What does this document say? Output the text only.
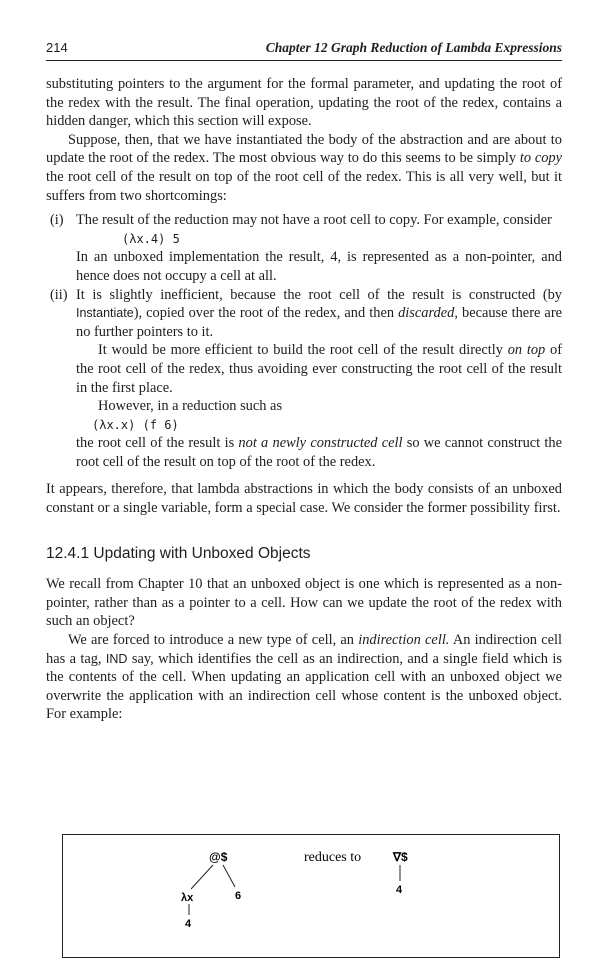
214	Chapter 12 Graph Reduction of Lambda Expressions

substituting pointers to the argument for the formal parameter, and updating the root of the redex with the result. The final operation, updating the root of the redex, contains a hidden danger, which this section will expose.

Suppose, then, that we have instantiated the body of the abstraction and are about to update the root of the redex. The most obvious way to do this seems to be simply to copy the root cell of the result on top of the root cell of the redex. This is all very well, but it suffers from two shortcomings:

(i) The result of the reduction may not have a root cell to copy. For example, consider

(λx.4) 5

In an unboxed implementation the result, 4, is represented as a non-pointer, and hence does not occupy a cell at all.

(ii) It is slightly inefficient, because the root cell of the result is constructed (by Instantiate), copied over the root of the redex, and then discarded, because there are no further pointers to it.

It would be more efficient to build the root cell of the result directly on top of the root cell of the redex, thus avoiding ever constructing the root cell of the result in the first place.

However, in a reduction such as

(λx.x) (f 6)

the root cell of the result is not a newly constructed cell so we cannot construct the root cell of the result on top of the root of the redex.

It appears, therefore, that lambda abstractions in which the body consists of an unboxed constant or a single variable, form a special case. We consider the former possibility first.

12.4.1 Updating with Unboxed Objects

We recall from Chapter 10 that an unboxed object is one which is represented as a non-pointer, rather than as a pointer to a cell. How can we update the root of the redex with such an object?

We are forced to introduce a new type of cell, an indirection cell. An indirection cell has a tag, IND say, which identifies the cell as an indirection, and a single field which is the contents of the cell. When updating an application cell with an unboxed object we overwrite the application with an indirection cell whose content is the unboxed object. For example:

@$
λx	6
4
reduces to	∇$
4
